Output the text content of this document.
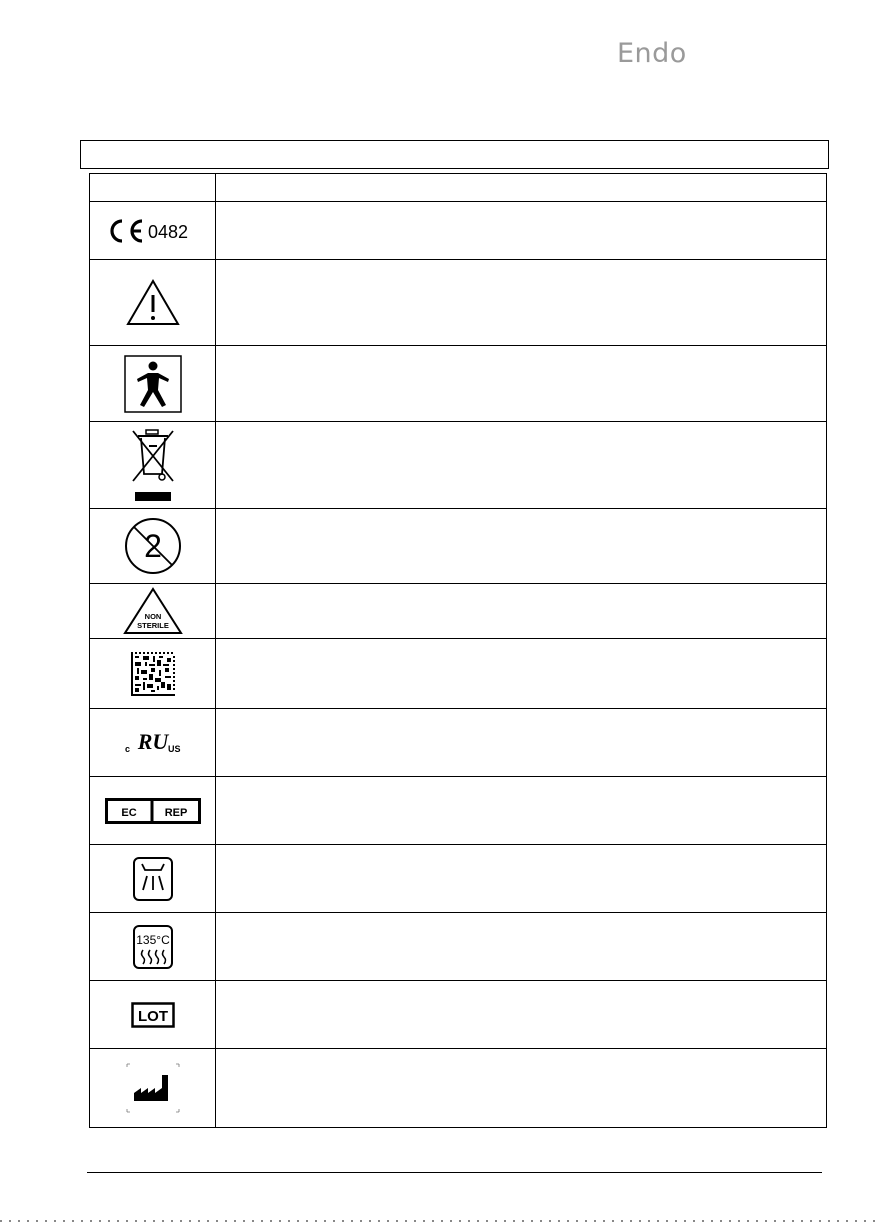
Endo

0482	

2	

NON
STERILE	

c RU US	

EC REP	

135°C	

LOT	
